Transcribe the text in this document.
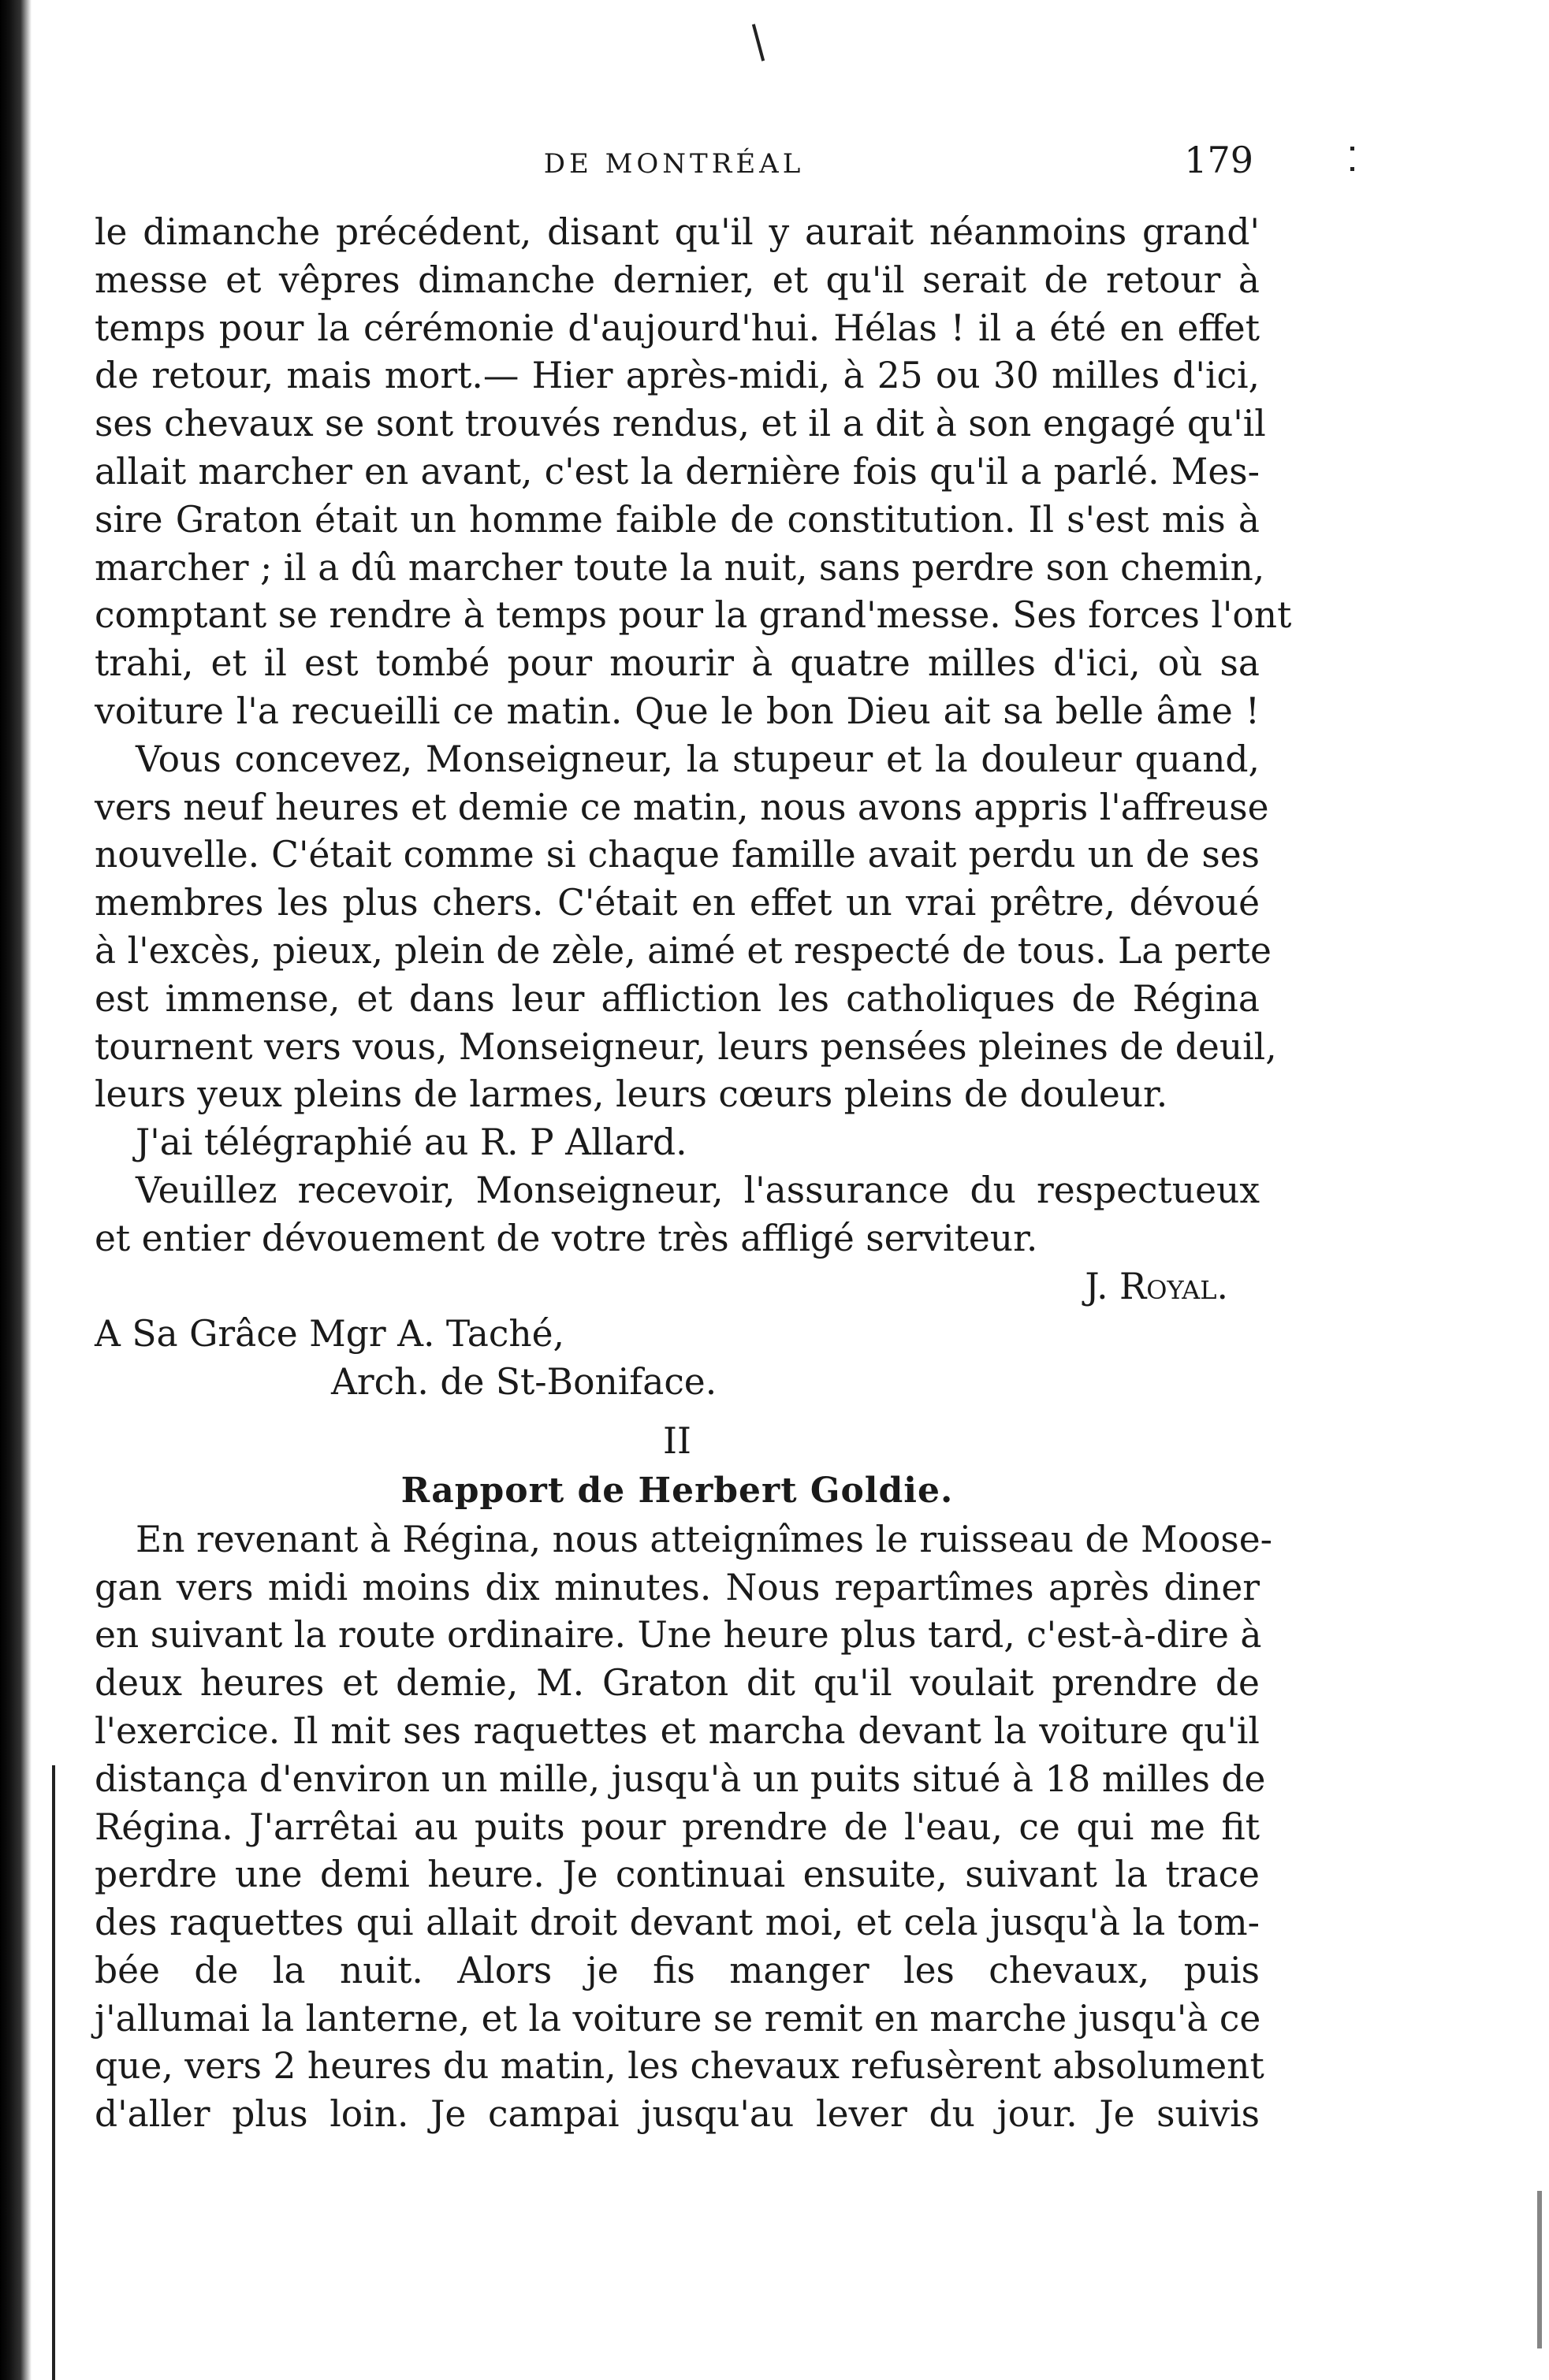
DE MONTRÉAL	179
le dimanche précédent, disant qu'il y aurait néanmoins grand'
messe et vêpres dimanche dernier, et qu'il serait de retour à
temps pour la cérémonie d'aujourd'hui. Hélas ! il a été en effet
de retour, mais mort.— Hier après-midi, à 25 ou 30 milles d'ici,
ses chevaux se sont trouvés rendus, et il a dit à son engagé qu'il
allait marcher en avant, c'est la dernière fois qu'il a parlé. Mes-
sire Graton était un homme faible de constitution. Il s'est mis à
marcher ; il a dû marcher toute la nuit, sans perdre son chemin,
comptant se rendre à temps pour la grand'messe. Ses forces l'ont
trahi, et il est tombé pour mourir à quatre milles d'ici, où sa
voiture l'a recueilli ce matin. Que le bon Dieu ait sa belle âme !
Vous concevez, Monseigneur, la stupeur et la douleur quand,
vers neuf heures et demie ce matin, nous avons appris l'affreuse
nouvelle. C'était comme si chaque famille avait perdu un de ses
membres les plus chers. C'était en effet un vrai prêtre, dévoué
à l'excès, pieux, plein de zèle, aimé et respecté de tous. La perte
est immense, et dans leur affliction les catholiques de Régina
tournent vers vous, Monseigneur, leurs pensées pleines de deuil,
leurs yeux pleins de larmes, leurs cœurs pleins de douleur.
J'ai télégraphié au R. P Allard.
Veuillez recevoir, Monseigneur, l'assurance du respectueux
et entier dévouement de votre très affligé serviteur.
J. Royal.
A Sa Grâce Mgr A. Taché,
Arch. de St-Boniface.
II
Rapport de Herbert Goldie.
En revenant à Régina, nous atteignîmes le ruisseau de Moose-
gan vers midi moins dix minutes. Nous repartîmes après diner
en suivant la route ordinaire. Une heure plus tard, c'est-à-dire à
deux heures et demie, M. Graton dit qu'il voulait prendre de
l'exercice. Il mit ses raquettes et marcha devant la voiture qu'il
distança d'environ un mille, jusqu'à un puits situé à 18 milles de
Régina. J'arrêtai au puits pour prendre de l'eau, ce qui me fit
perdre une demi heure. Je continuai ensuite, suivant la trace
des raquettes qui allait droit devant moi, et cela jusqu'à la tom-
bée de la nuit. Alors je fis manger les chevaux, puis
j'allumai la lanterne, et la voiture se remit en marche jusqu'à ce
que, vers 2 heures du matin, les chevaux refusèrent absolument
d'aller plus loin. Je campai jusqu'au lever du jour. Je suivis
